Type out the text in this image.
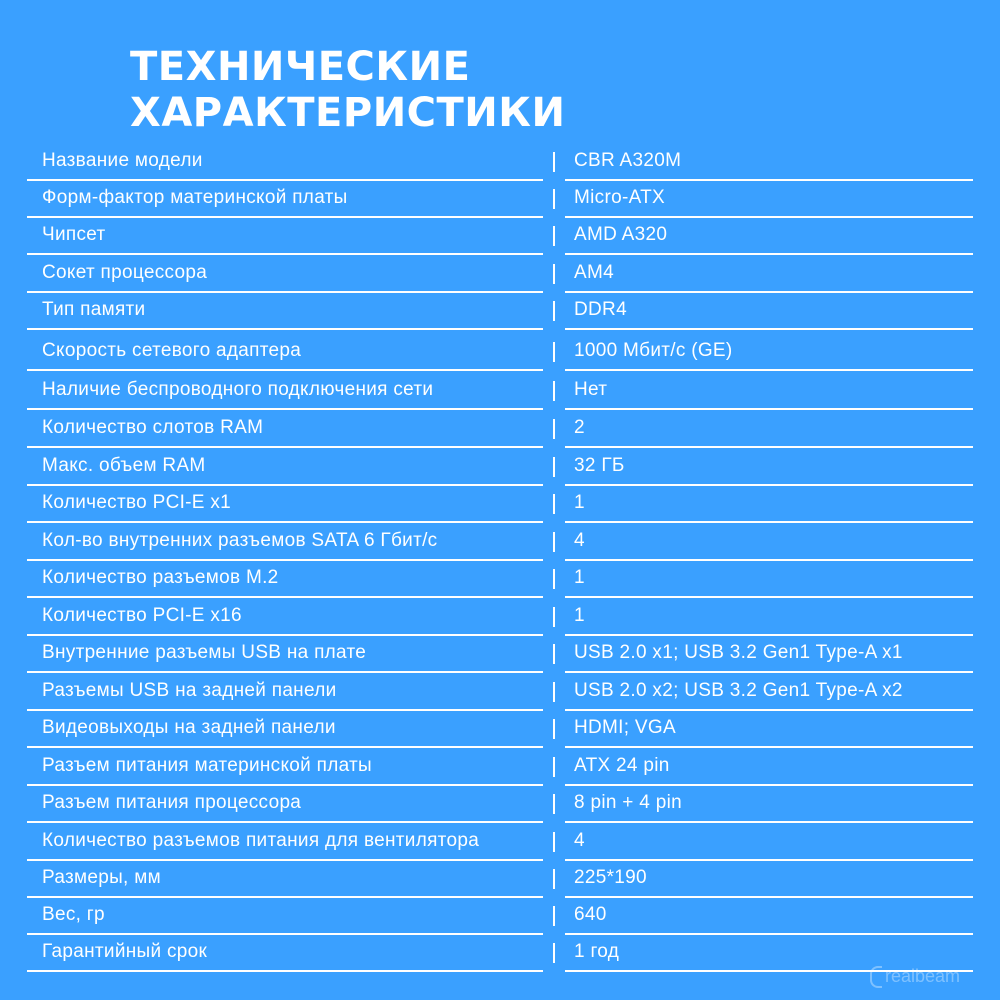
ТЕХНИЧЕСКИЕ
ХАРАКТЕРИСТИКИ
Название модели	CBR A320M
Форм-фактор материнской платы	Micro-ATX
Чипсет	AMD A320
Сокет процессора	AM4
Тип памяти	DDR4
Скорость сетевого адаптера	1000 Мбит/с (GE)
Наличие беспроводного подключения сети	Нет
Количество слотов RAM	2
Макс. объем RAM	32 ГБ
Количество PCI-E x1	1
Кол-во внутренних разъемов SATA 6 Гбит/с	4
Количество разъемов M.2	1
Количество PCI-E x16	1
Внутренние разъемы USB на плате	USB 2.0 x1; USB 3.2 Gen1 Type-A x1
Разъемы USB на задней панели	USB 2.0 x2; USB 3.2 Gen1 Type-A x2
Видеовыходы на задней панели	HDMI; VGA
Разъем питания материнской платы	ATX 24 pin
Разъем питания процессора	8 pin + 4 pin
Количество разъемов питания для вентилятора	4
Размеры, мм	225*190
Вес, гр	640
Гарантийный срок	1 год
realbeam
